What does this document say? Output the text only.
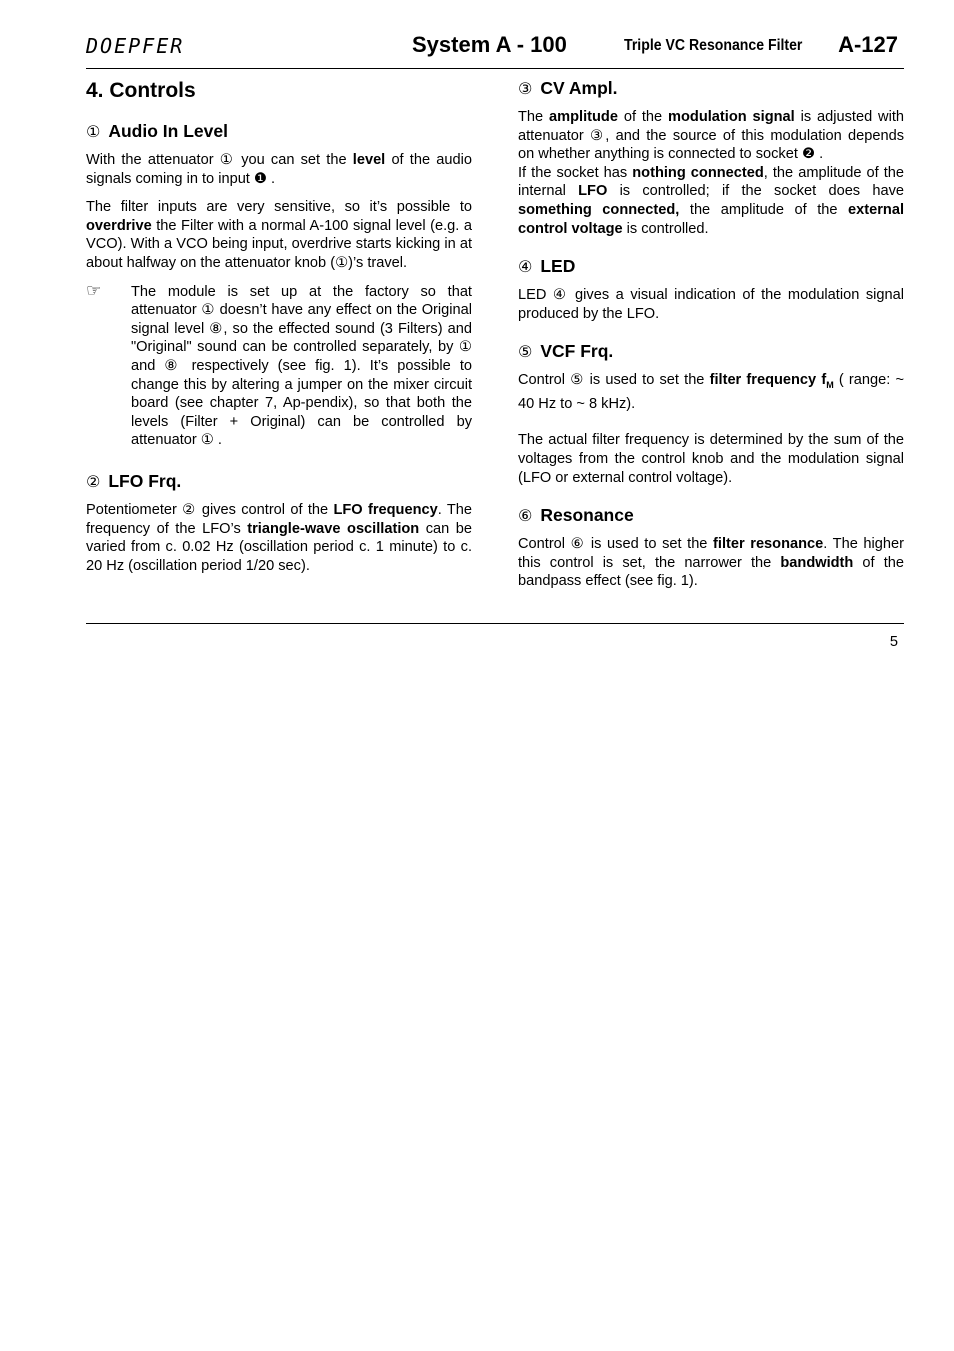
DOEPFER	System A - 100	Triple VC Resonance Filter A-127
4. Controls
① Audio In Level

With the attenuator ① you can set the level of the audio signals coming in to input ❶ .

The filter inputs are very sensitive, so it’s possible to overdrive the Filter with a normal A-100 signal level (e.g. a VCO). With a VCO being input, overdrive starts kicking in at about halfway on the attenuator knob (①)’s travel.

☞ The module is set up at the factory so that attenuator ① doesn’t have any effect on the Original signal level ⑧, so the effected sound (3 Filters) and "Original" sound can be controlled separately, by ① and ⑧ respectively (see fig. 1). It’s possible to change this by altering a jumper on the mixer circuit board (see chapter 7, Ap-pendix), so that both the levels (Filter + Original) can be controlled by attenuator ① .
② LFO Frq.

Potentiometer ② gives control of the LFO frequency. The frequency of the LFO’s triangle-wave oscillation can be varied from c. 0.02 Hz (oscillation period c. 1 minute) to c. 20 Hz (oscillation period 1/20 sec).

③ CV Ampl.

The amplitude of the modulation signal is adjusted with attenuator ③, and the source of this modulation depends on whether anything is connected to socket ❷ .

If the socket has nothing connected, the amplitude of the internal LFO is controlled; if the socket does have something connected, the amplitude of the external control voltage is controlled.

④ LED

LED ④ gives a visual indication of the modulation signal produced by the LFO.

⑤ VCF Frq.

Control ⑤ is used to set the filter frequency $f_M$ ( range: ~ 40 Hz to ~ 8 kHz).

The actual filter frequency is determined by the sum of the voltages from the control knob and the modulation signal (LFO or external control voltage).

⑥ Resonance

Control ⑥ is used to set the filter resonance. The higher this control is set, the narrower the bandwidth of the bandpass effect (see fig. 1).

5
